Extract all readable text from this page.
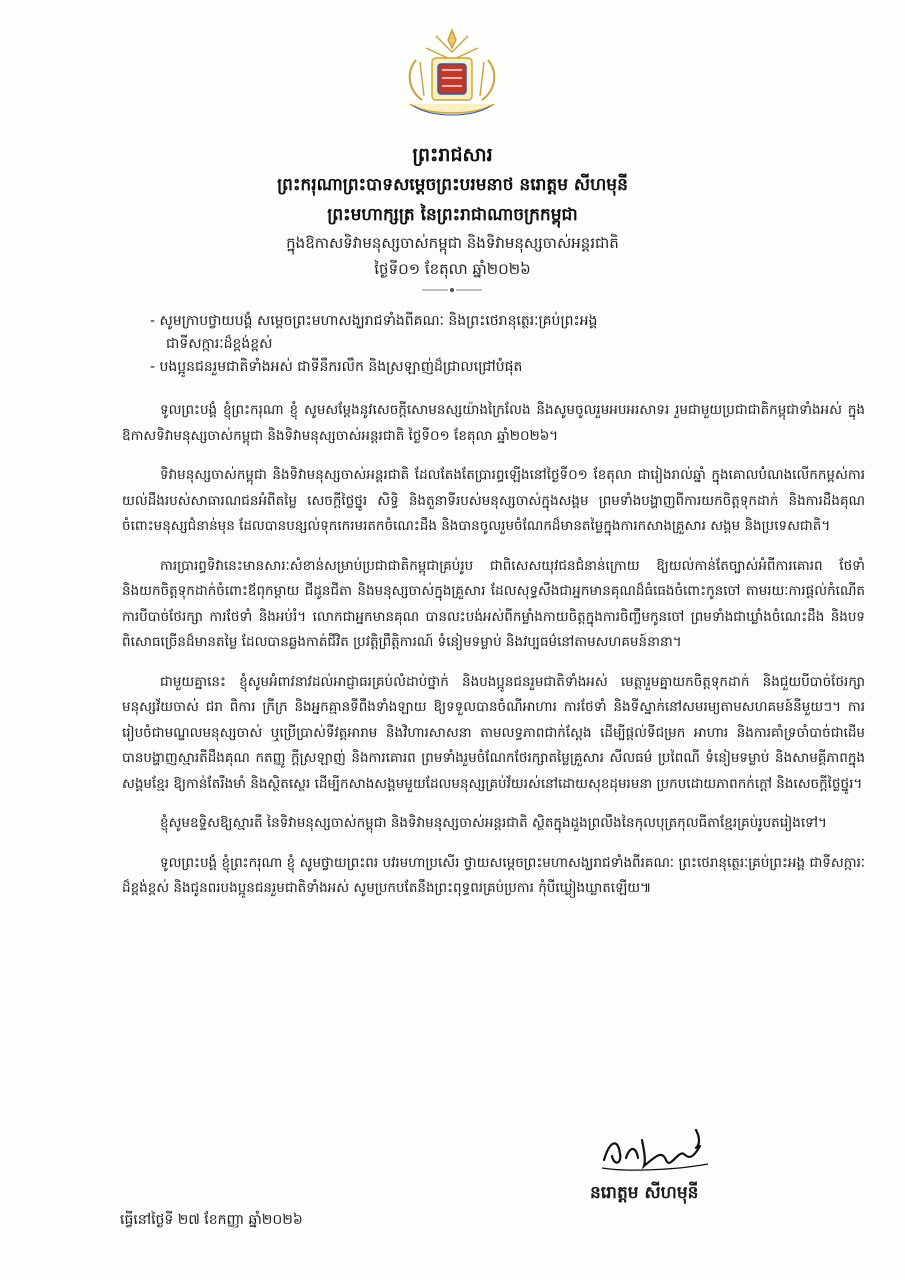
ព្រះរាជសារ
ព្រះករុណាព្រះបាទសម្ដេចព្រះបរមនាថ នរោត្តម សីហមុនី
ព្រះមហាក្សត្រ នៃព្រះរាជាណាចក្រកម្ពុជា
ក្នុងឱកាសទិវាមនុស្សចាស់កម្ពុជា និងទិវាមនុស្សចាស់អន្តរជាតិ
ថ្ងៃទី០១ ខែតុលា ឆ្នាំ២០២៦
- សូមក្រាបថ្វាយបង្គំ សម្ដេចព្រះមហាសង្ឃរាជទាំងពីគណៈ និងព្រះថេរានុត្ថេរៈគ្រប់ព្រះអង្គ
ជាទីសក្ការៈដ៏ខ្ពង់ខ្ពស់
- បងប្អូនជនរួមជាតិទាំងអស់ ជាទីនឹករលឹក និងស្រឡាញ់ដ៏ជ្រាលជ្រៅបំផុត

ទូលព្រះបង្គំ ខ្ញុំព្រះករុណា ខ្ញុំ សូមសម្ដែងនូវសេចក្ដីសោមនស្សយ៉ាងក្រៃលែង និងសូមចូលរួមអបអរសាទរ រួមជាមួយប្រជាជាតិកម្ពុជាទាំងអស់ ក្នុងឱកាសទិវាមនុស្សចាស់កម្ពុជា និងទិវាមនុស្សចាស់អន្តរជាតិ ថ្ងៃទី០១ ខែតុលា ឆ្នាំ២០២៦។

ទិវាមនុស្សចាស់កម្ពុជា និងទិវាមនុស្សចាស់អន្តរជាតិ ដែលតែងតែប្រារព្ធឡើងនៅថ្ងៃទី០១ ខែតុលា ជារៀងរាល់ឆ្នាំ ក្នុងគោលបំណងលើកកម្ពស់ការយល់ដឹងរបស់សាធារណជនអំពីតម្លៃ សេចក្ដីថ្លៃថ្នូរ សិទ្ធិ និងតួនាទីរបស់មនុស្សចាស់ក្នុងសង្គម ព្រមទាំងបង្ហាញពីការយកចិត្តទុកដាក់ និងការដឹងគុណចំពោះមនុស្សជំនាន់មុន ដែលបានបន្សល់ទុកកេរមរតកចំណេះដឹង និងបានចូលរួមចំណែកដ៏មានតម្លៃក្នុងការកសាងគ្រួសារ សង្គម និងប្រទេសជាតិ។

ការប្រារព្ធទិវានេះមានសារៈសំខាន់សម្រាប់ប្រជាជាតិកម្ពុជាគ្រប់រូប ជាពិសេសយុវជនជំនាន់ក្រោយ ឱ្យយល់កាន់តែច្បាស់អំពីការគោរព ថែទាំ និងយកចិត្តទុកដាក់ចំពោះឪពុកម្ដាយ ជីដូនជីតា និងមនុស្សចាស់ក្នុងគ្រួសារ ដែលសុទ្ធសឹងជាអ្នកមានគុណដ៏ធំធេងចំពោះកូនចៅ តាមរយៈការផ្ដល់កំណើត ការបីបាច់ថែរក្សា ការថែទាំ និងអប់រំ។ លោកជាអ្នកមានគុណ បានលះបង់អស់ពីកម្លាំងកាយចិត្តក្នុងការចិញ្ចឹមកូនចៅ ព្រមទាំងជាឃ្លាំងចំណេះដឹង និងបទពិសោធច្រើនដ៏មានតម្លៃ ដែលបានឆ្លងកាត់ជីវិត ប្រវត្តិព្រឹត្តិការណ៍ ទំនៀមទម្លាប់ និងវប្បធម៌នៅតាមសហគមន៍នានា។

ជាមួយគ្នានេះ ខ្ញុំសូមអំពាវនាវដល់អាជ្ញាធរគ្រប់លំដាប់ថ្នាក់ និងបងប្អូនជនរួមជាតិទាំងអស់ មេត្តារួមគ្នាយកចិត្តទុកដាក់ និងជួយបីបាច់ថែរក្សាមនុស្សវ័យចាស់ ជរា ពិការ ក្រីក្រ និងអ្នកគ្មានទីពឹងទាំងឡាយ ឱ្យទទួលបានចំណីអាហារ ការថែទាំ និងទីស្នាក់នៅសមរម្យតាមសហគមន៍នីមួយៗ។ ការរៀបចំជាមណ្ឌលមនុស្សចាស់ ឬប្រើប្រាស់ទីវត្តអារាម និងវិហារសាសនា តាមលទ្ធភាពជាក់ស្ដែង ដើម្បីផ្ដល់ទីជម្រក អាហារ និងការគាំទ្រចាំបាច់ជាដើម បានបង្ហាញស្មារតីដឹងគុណ កតញ្ញូ ក្ដីស្រឡាញ់ និងការគោរព ព្រមទាំងរួមចំណែកថែរក្សាតម្លៃគ្រួសារ សីលធម៌ ប្រពៃណី ទំនៀមទម្លាប់ និងសាមគ្គីភាពក្នុងសង្គមខ្មែរ ឱ្យកាន់តែរឹងមាំ និងស្ថិតស្ថេរ ដើម្បីកសាងសង្គមមួយដែលមនុស្សគ្រប់វ័យរស់នៅដោយសុខដុមរមនា ប្រកបដោយភាពកក់ក្ដៅ និងសេចក្ដីថ្លៃថ្នូរ។

ខ្ញុំសូមឧទ្ទិសឱ្យស្មារតី នៃទិវាមនុស្សចាស់កម្ពុជា និងទិវាមនុស្សចាស់អន្តរជាតិ ស្ថិតក្នុងដួងព្រលឹងនៃកុលបុត្រកុលធីតាខ្មែរគ្រប់រូបតរៀងទៅ។

ទូលព្រះបង្គំ ខ្ញុំព្រះករុណា ខ្ញុំ សូមថ្វាយព្រះពរ បវរមហាប្រសើរ ថ្វាយសម្ដេចព្រះមហាសង្ឃរាជទាំងពីរគណៈ ព្រះថេរានុត្ថេរៈគ្រប់ព្រះអង្គ ជាទីសក្ការៈដ៏ខ្ពង់ខ្ពស់ និងជូនពរបងប្អូនជនរួមជាតិទាំងអស់ សូមប្រកបតែនឹងព្រះពុទ្ធពរគ្រប់ប្រការ កុំបីឃ្លៀងឃ្លាតឡើយ៕

នរោត្តម សីហមុនី
ធ្វើនៅថ្ងៃទី ២៧ ខែកញ្ញា ឆ្នាំ២០២៦
